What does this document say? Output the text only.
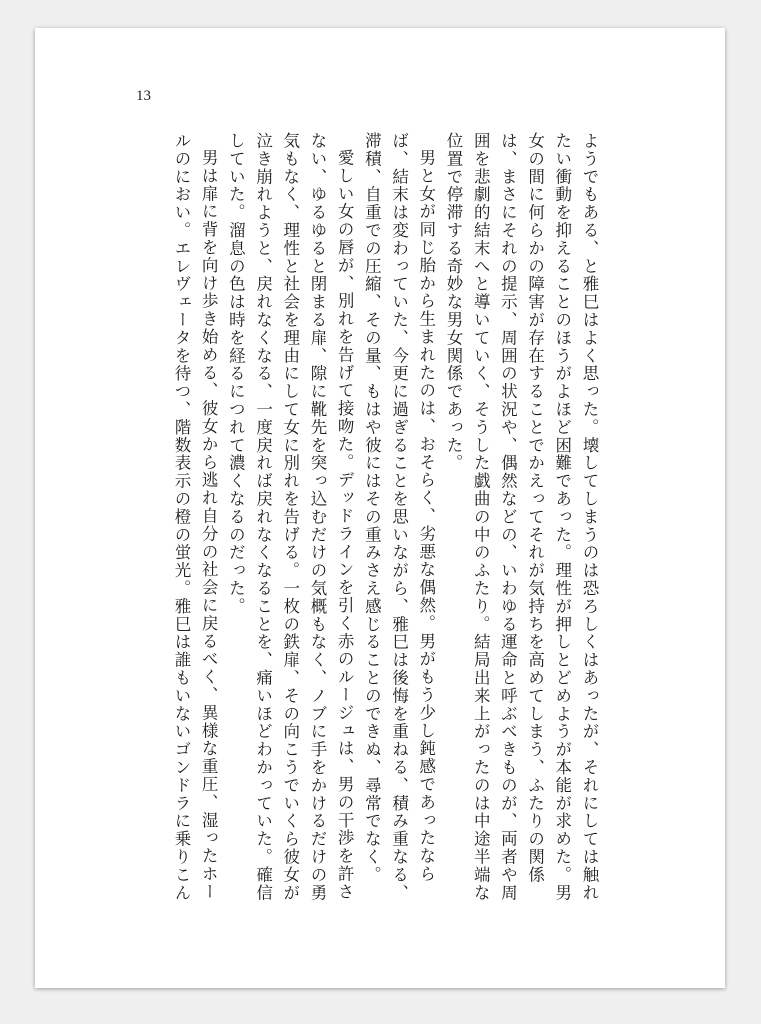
13

ようでもある、と雅巳はよく思った。壊してしまうのは恐ろしくはあったが、それにしては触れたい衝動を抑えることのほうがよほど困難であった。理性が押しとどめようが本能が求めた。男女の間に何らかの障害が存在することでかえってそれが気持ちを高めてしまう、ふたりの関係は、まさにそれの提示、周囲の状況や、偶然などの、いわゆる運命と呼ぶべきものが、両者や周囲を悲劇的結末へと導いていく、そうした戯曲の中のふたり。結局出来上がったのは中途半端な位置で停滞する奇妙な男女関係であった。

男と女が同じ胎から生まれたのは、おそらく、劣悪な偶然。男がもう少し鈍感であったならば、結末は変わっていた、今更に過ぎることを思いながら、雅巳は後悔を重ねる、積み重なる、滞積、自重での圧縮、その量、もはや彼にはその重みさえ感じることのできぬ、尋常でなく。

愛しい女の唇が、別れを告げて接吻た。デッドラインを引く赤のルージュは、男の干渉を許さない、ゆるゆると閉まる扉、隙に靴先を突っ込むだけの気概もなく、ノブに手をかけるだけの勇気もなく、理性と社会を理由にして女に別れを告げる。一枚の鉄扉、その向こうでいくら彼女が泣き崩れようと、戻れなくなる、一度戻れば戻れなくなることを、痛いほどわかっていた。確信していた。溜息の色は時を経るにつれて濃くなるのだった。

男は扉に背を向け歩き始める、彼女から逃れ自分の社会に戻るべく、異様な重圧、湿ったホールのにおい。エレヴェータを待つ、階数表示の橙の蛍光。雅巳は誰もいないゴンドラに乗りこん
